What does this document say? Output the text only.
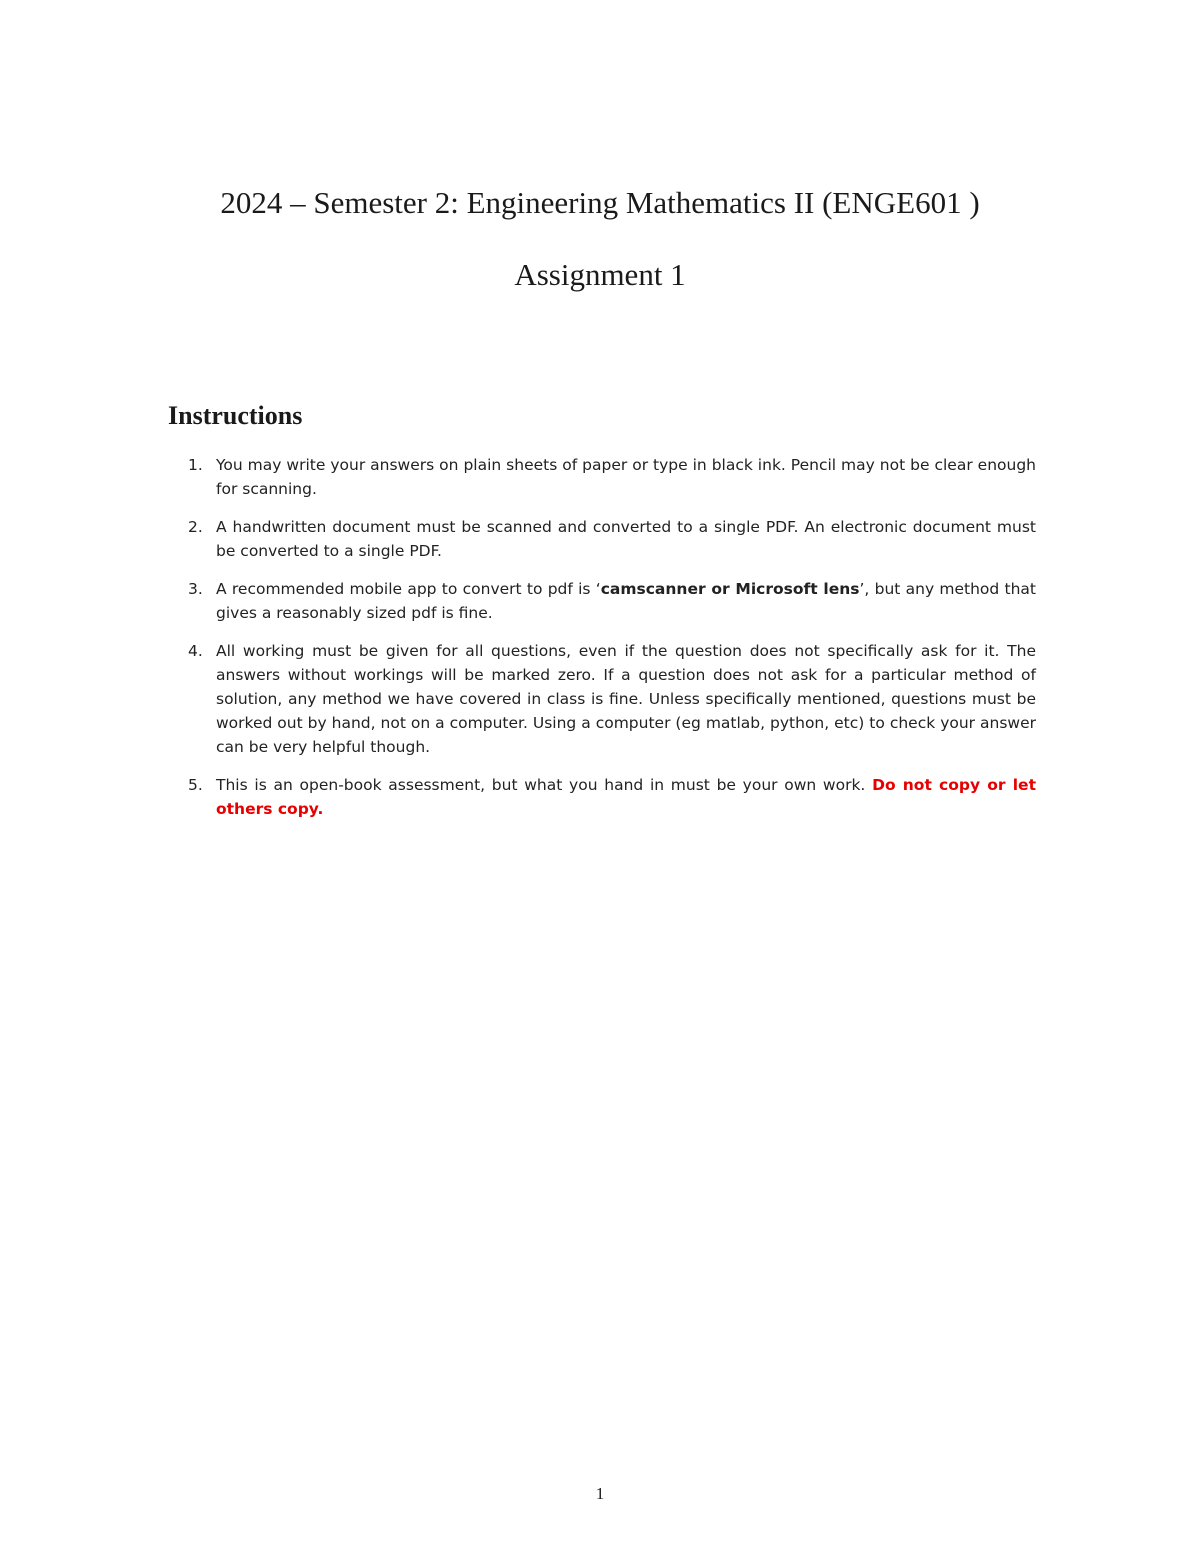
2024 – Semester 2: Engineering Mathematics II (ENGE601 )
Assignment 1
Instructions
1. You may write your answers on plain sheets of paper or type in black ink. Pencil may not be clear enough for scanning.
2. A handwritten document must be scanned and converted to a single PDF. An electronic document must be converted to a single PDF.
3. A recommended mobile app to convert to pdf is ‘camscanner or Microsoft lens’, but any method that gives a reasonably sized pdf is fine.
4. All working must be given for all questions, even if the question does not specifically ask for it. The answers without workings will be marked zero. If a question does not ask for a particular method of solution, any method we have covered in class is fine. Unless specifically mentioned, questions must be worked out by hand, not on a computer. Using a computer (eg matlab, python, etc) to check your answer can be very helpful though.
5. This is an open-book assessment, but what you hand in must be your own work. Do not copy or let others copy.
1
